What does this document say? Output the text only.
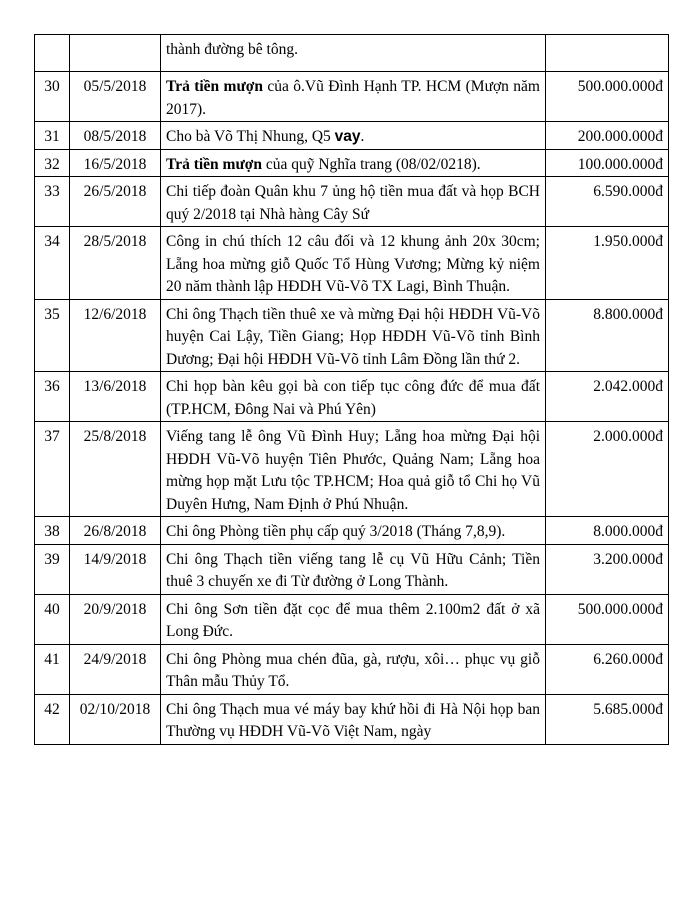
		thành đường bê tông.	
30	05/5/2018	Trả tiền mượn của ô.Vũ Đình Hạnh TP. HCM (Mượn năm 2017).	500.000.000đ
31	08/5/2018	Cho bà Võ Thị Nhung, Q5 vay.	200.000.000đ
32	16/5/2018	Trả tiền mượn của quỹ Nghĩa trang (08/02/0218).	100.000.000đ
33	26/5/2018	Chi tiếp đoàn Quân khu 7 ủng hộ tiền mua đất và họp BCH quý 2/2018 tại Nhà hàng Cây Sứ	6.590.000đ
34	28/5/2018	Công in chú thích 12 câu đối và 12 khung ảnh 20x 30cm; Lẵng hoa mừng giỗ Quốc Tổ Hùng Vương; Mừng kỷ niệm 20 năm thành lập HĐDH Vũ-Võ TX Lagi, Bình Thuận.	1.950.000đ
35	12/6/2018	Chi ông Thạch tiền thuê xe và mừng Đại hội HĐDH Vũ-Võ huyện Cai Lậy, Tiền Giang; Họp HĐDH Vũ-Võ tỉnh Bình Dương; Đại hội HĐDH Vũ-Võ tỉnh Lâm Đồng lần thứ 2.	8.800.000đ
36	13/6/2018	Chi họp bàn kêu gọi bà con tiếp tục công đức để mua đất (TP.HCM, Đông Nai và Phú Yên)	2.042.000đ
37	25/8/2018	Viếng tang lễ ông Vũ Đình Huy; Lẵng hoa mừng Đại hội HĐDH Vũ-Võ huyện Tiên Phước, Quảng Nam; Lẵng hoa mừng họp mặt Lưu tộc TP.HCM; Hoa quả giỗ tổ Chi họ Vũ Duyên Hưng, Nam Định ở Phú Nhuận.	2.000.000đ
38	26/8/2018	Chi ông Phòng tiền phụ cấp quý 3/2018 (Tháng 7,8,9).	8.000.000đ
39	14/9/2018	Chi ông Thạch tiền viếng tang lễ cụ Vũ Hữu Cảnh; Tiền thuê 3 chuyến xe đi Từ đường ở Long Thành.	3.200.000đ
40	20/9/2018	Chi ông Sơn tiền đặt cọc để mua thêm 2.100m2 đất ở xã Long Đức.	500.000.000đ
41	24/9/2018	Chi ông Phòng mua chén đũa, gà, rượu, xôi… phục vụ giỗ Thân mẫu Thủy Tổ.	6.260.000đ
42	02/10/2018	Chi ông Thạch mua vé máy bay khứ hồi đi Hà Nội họp ban Thường vụ HĐDH Vũ-Võ Việt Nam, ngày	5.685.000đ
